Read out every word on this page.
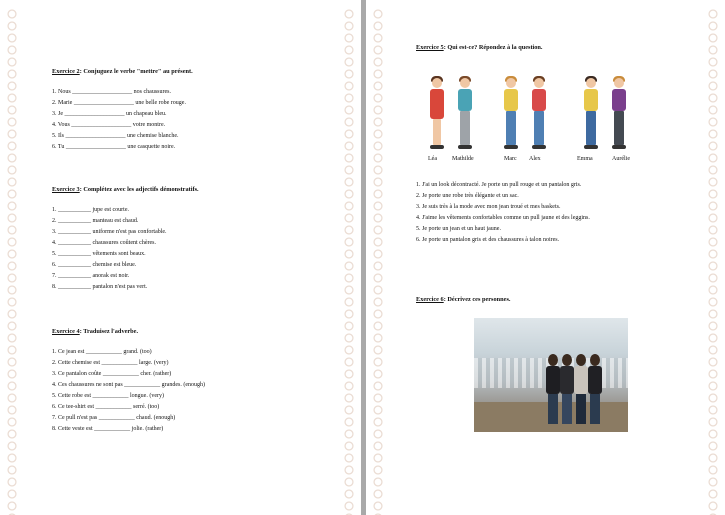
Exercice 2: Conjuguez le verbe "mettre" au présent.
1. Nous ____________________ nos chaussures.
2. Marie ____________________ une belle robe rouge.
3. Je ____________________ un chapeau bleu.
4. Vous ____________________ votre montre.
5. Ils ____________________ une chemise blanche.
6. Tu ____________________ une casquette noire.
Exercice 3: Complétez avec les adjectifs démonstratifs.
1. ___________ jupe est courte.
2. ___________ manteau est chaud.
3. ___________ uniforme n'est pas confortable.
4. ___________ chaussures coûtent chères.
5. ___________ vêtements sont beaux.
6. ___________ chemise est bleue.
7. ___________ anorak est noir.
8. ___________ pantalon n'est pas vert.
Exercice 4: Traduisez l'adverbe.
1. Ce jean est ____________ grand. (too)
2. Cette chemise est ____________ large. (very)
3. Ce pantalon coûte ____________ cher. (rather)
4. Ces chaussures ne sont pas ____________ grandes. (enough)
5. Cette robe est ____________ longue. (very)
6. Ce tee-shirt est ____________ serré. (too)
7. Ce pull n'est pas ____________ chaud. (enough)
8. Cette veste est ____________ jolie. (rather)
Exercice 5: Qui est-ce? Répondez à la question.
Léa	Mathilde	Marc Alex	Emma	Aurélie
1. J'ai un look décontracté. Je porte un pull rouge et un pantalon gris.
2. Je porte une robe très élégante et un sac.
3. Je suis très à la mode avec mon jean troué et mes baskets.
4. J'aime les vêtements confortables comme un pull jaune et des leggins.
5. Je porte un jean et un haut jaune.
6. Je porte un pantalon gris et des chaussures à talon noires.
Exercice 6: Décrivez ces personnes.
